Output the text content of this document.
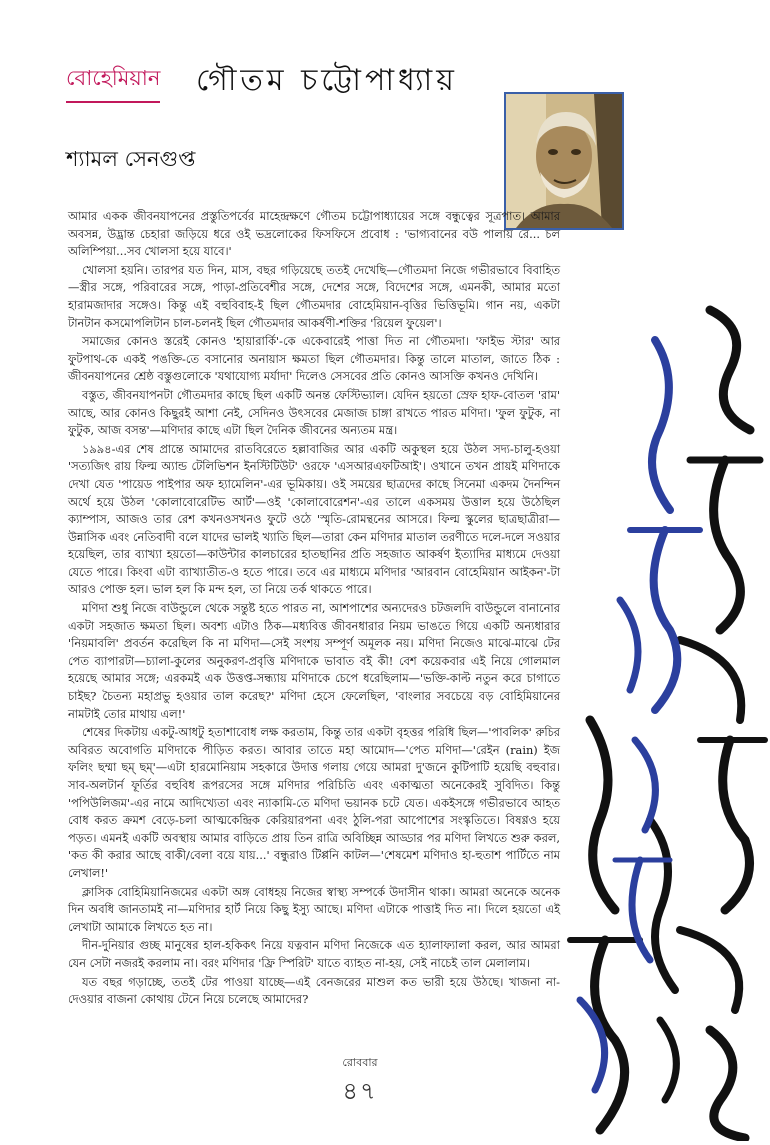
বোহেমিয়ান গৌতম চট্টোপাধ্যায়
শ্যামল সেনগুপ্ত

আমার একক জীবনযাপনের প্রস্তুতিপর্বের মাহেন্দ্রক্ষণে গৌতম চট্টোপাধ্যায়ের সঙ্গে বন্ধুত্বের সূত্রপাত। আমার অবসন্ন, উদ্ভ্রান্ত চেহারা জড়িয়ে ধরে ওই ভদ্রলোকের ফিসফিসে প্রবোধ : 'ভাগ্যবানের বউ পালায় রে... চল অলিম্পিয়া...সব খোলসা হয়ে যাবে।'

খোলসা হয়নি। তারপর যত দিন, মাস, বছর গড়িয়েছে ততই দেখেছি—গৌতমদা নিজে গভীরভাবে বিবাহিত—স্ত্রীর সঙ্গে, পরিবারের সঙ্গে, পাড়া-প্রতিবেশীর সঙ্গে, দেশের সঙ্গে, বিদেশের সঙ্গে, এমনকী, আমার মতো হারামজাদার সঙ্গেও। কিন্তু এই বহুবিবাহ-ই ছিল গৌতমদার বোহেমিয়ান-বৃত্তির ভিত্তিভূমি। গান নয়, একটা টানটান কসমোপলিটান চাল-চলনই ছিল গৌতমদার আকর্ষণী-শক্তির 'রিয়েল ফুয়েল'।

সমাজের কোনও স্তরেই কোনও 'হায়ারার্কি'-কে একেবারেই পাত্তা দিত না গৌতমদা। 'ফাইভ স্টার' আর ফুটপাথ-কে একই পঙক্তি-তে বসানোর অনায়াস ক্ষমতা ছিল গৌতমদার। কিন্তু তালে মাতাল, জাতে ঠিক : জীবনযাপনের শ্রেষ্ঠ বস্তুগুলোকে 'যথাযোগ্য মর্যাদা' দিলেও সেসবের প্রতি কোনও আসক্তি কখনও দেখিনি।

বস্তুত, জীবনযাপনটা গৌতমদার কাছে ছিল একটি অনন্ত ফেস্টিভ্যাল। যেদিন হয়তো স্রেফ হাফ-বোতল 'রাম' আছে, আর কোনও কিছুরই আশা নেই, সেদিনও উৎসবের মেজাজ চাঙ্গা রাখতে পারত মণিদা। 'ফুল ফুটুক, না ফুটুক, আজ বসন্ত'—মণিদার কাছে এটা ছিল দৈনিক জীবনের অন্যতম মন্ত্র।

১৯৯৪-এর শেষ প্রান্তে আমাদের রাতবিরেতে হল্লাবাজির আর একটি অকুস্থল হয়ে উঠল সদ্য-চালু-হওয়া 'সত্যজিৎ রায় ফিল্ম অ্যান্ড টেলিভিশন ইনস্টিটিউট' ওরফে 'এসআরএফটিআই'। ওখানে তখন প্রায়ই মণিদাকে দেখা যেত 'পায়েড পাইপার অফ হ্যামেলিন'-এর ভূমিকায়। ওই সময়ের ছাত্রদের কাছে সিনেমা একদম দৈনন্দিন অর্থে হয়ে উঠল 'কোলাবোরেটিভ আর্ট'—ওই 'কোলাবোরেশন'-এর তালে একসময় উত্তাল হয়ে উঠেছিল ক্যাম্পাস, আজও তার রেশ কখনওসখনও ফুটে ওঠে 'স্মৃতি-রোমন্থনের আসরে। ফিল্ম স্কুলের ছাত্রছাত্রীরা—উন্নাসিক এবং নেতিবাদী বলে যাদের ভালই খ্যাতি ছিল—তারা কেন মণিদার মাতাল তরণীতে দলে-দলে সওয়ার হয়েছিল, তার ব্যাখ্যা হয়তো—কাউন্টার কালচারের হাতছানির প্রতি সহজাত আকর্ষণ ইত্যাদির মাধ্যমে দেওয়া যেতে পারে। কিংবা এটা ব্যাখ্যাতীত-ও হতে পারে। তবে এর মাধ্যমে মণিদার 'আরবান বোহেমিয়ান আইকন'-টা আরও পোক্ত হল। ভাল হল কি মন্দ হল, তা নিয়ে তর্ক থাকতে পারে।

মণিদা শুধু নিজে বাউন্ডুলে থেকে সন্তুষ্ট হতে পারত না, আশপাশের অন্যদেরও চটজলদি বাউন্ডুলে বানানোর একটা সহজাত ক্ষমতা ছিল। অবশ্য এটাও ঠিক—মধ্যবিত্ত জীবনধারার নিয়ম ভাঙতে গিয়ে একটি অন্যধারার 'নিয়মাবলি' প্রবর্তন করেছিল কি না মণিদা—সেই সংশয় সম্পূর্ণ অমূলক নয়। মণিদা নিজেও মাঝে-মাঝে টের পেত ব্যাপারটা—চ্যালা-কুলের অনুকরণ-প্রবৃত্তি মণিদাকে ভাবাত বই কী! বেশ কয়েকবার এই নিয়ে গোলমাল হয়েছে আমার সঙ্গে; এরকমই এক উত্তপ্ত-সন্ধ্যায় মণিদাকে চেপে ধরেছিলাম—'ভক্তি-কাল্ট নতুন করে চাগাতে চাইছ? চৈতন্য মহাপ্রভু হওয়ার তাল করেছ?' মণিদা হেসে ফেলেছিল, 'বাংলার সবচেয়ে বড় বোহিমিয়ানের নামটাই তোর মাথায় এল!'

শেষের দিকটায় একটু-আধটু হতাশাবোধ লক্ষ করতাম, কিন্তু তার একটা বৃহত্তর পরিধি ছিল—'পাবলিক' রুচির অবিরত অবোগতি মণিদাকে পীড়িত করত। আবার তাতে মহা আমোদ—'পেত মণিদা—'রেইন (rain) ইজ ফলিং ছম্মা ছম্ ছম্'—এটা হারমোনিয়াম সহকারে উদাত্ত গলায় গেয়ে আমরা দু'জনে কুটিপাটি হয়েছি বহুবার। সাব-অলটার্ন ফূর্তির বহুবিধ রূপরসের সঙ্গে মণিদার পরিচিতি এবং একাত্মতা অনেকেরই সুবিদিত। কিন্তু 'পপিউলিজম'-এর নামে আদিখ্যেতা এবং ন্যাকামি-তে মণিদা ভয়ানক চটে যেত। একইসঙ্গে গভীরভাবে আহত বোধ করত ক্রমশ বেড়ে-চলা আত্মকেন্দ্রিক কেরিয়ারপনা এবং ঠুলি-পরা আপোশের সংস্কৃতিতে। বিষণ্ণও হয়ে পড়ত। এমনই একটি অবস্থায় আমার বাড়িতে প্রায় তিন রাত্রি অবিচ্ছিন্ন আড্ডার পর মণিদা লিখতে শুরু করল, 'কত কী করার আছে বাকী/বেলা বয়ে যায়...' বন্ধুরাও টিপ্পনি কাটল—'শেষমেশ মণিদাও হা-হুতাশ পার্টিতে নাম লেখাল!'

ক্লাসিক বোহিমিয়ানিজমের একটা অঙ্গ বোধহয় নিজের স্বাস্থ্য সম্পর্কে উদাসীন থাকা। আমরা অনেকে অনেক দিন অবধি জানতামই না—মণিদার হার্ট নিয়ে কিছু ইস্যু আছে। মণিদা এটাকে পাত্তাই দিত না। দিলে হয়তো এই লেখাটা আমাকে লিখতে হত না।

দীন-দুনিয়ার গুচ্ছ মানুষের হাল-হকিকৎ নিয়ে যত্নবান মণিদা নিজেকে এত হ্যালাফ্যালা করল, আর আমরা যেন সেটা নজরই করলাম না। বরং মণিদার 'ফ্রি স্পিরিট' যাতে ব্যাহত না-হয়, সেই নাচেই তাল মেলালাম।

যত বছর গড়াচ্ছে, ততই টের পাওয়া যাচ্ছে—এই বেনজরের মাশুল কত ভারী হয়ে উঠছে। খাজনা না-দেওয়ার বাজনা কোথায় টেনে নিয়ে চলেছে আমাদের?

রোববার
৪৭
